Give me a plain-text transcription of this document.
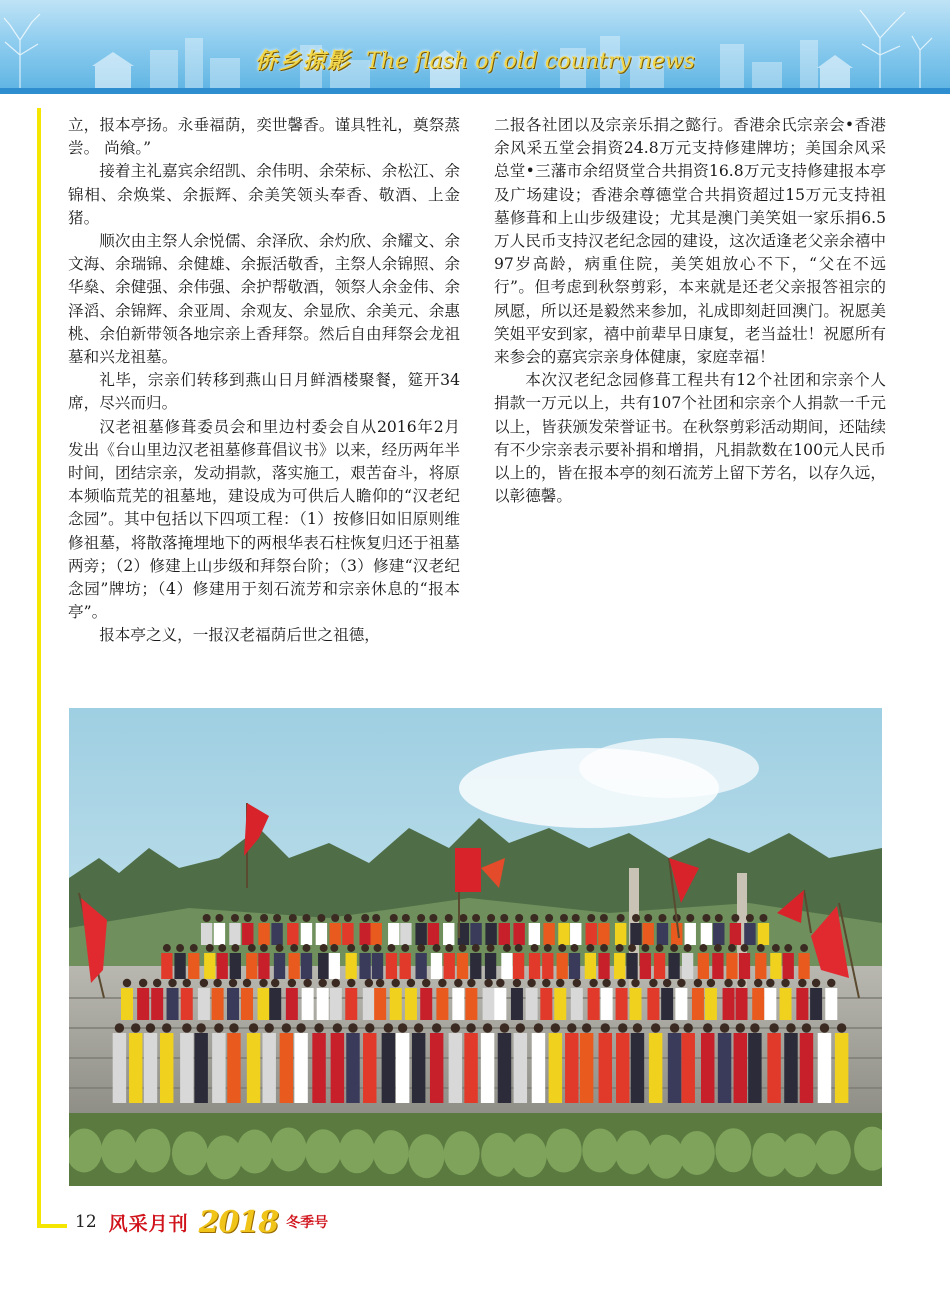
侨乡掠影 The flash of old country news

立，报本亭扬。永垂福荫，奕世馨香。谨具牲礼，奠祭蒸尝。 尚飨。”

接着主礼嘉宾余绍凯、余伟明、余荣标、余松江、余锦相、余焕棠、余振辉、余美笑领头奉香、敬酒、上金猪。

顺次由主祭人余悦儒、余泽欣、余灼欣、余耀文、余文海、余瑞锦、余健雄、余振活敬香，主祭人余锦照、余华燊、余健强、余伟强、余护帮敬酒，领祭人余金伟、余泽滔、余锦辉、余亚周、余观友、余显欣、余美元、余惠桃、余伯新带领各地宗亲上香拜祭。然后自由拜祭会龙祖墓和兴龙祖墓。

礼毕，宗亲们转移到燕山日月鲜酒楼聚餐，筵开34席，尽兴而归。

汉老祖墓修葺委员会和里边村委会自从2016年2月发出《台山里边汉老祖墓修葺倡议书》以来，经历两年半时间，团结宗亲，发动捐款，落实施工，艰苦奋斗，将原本频临荒芜的祖墓地，建设成为可供后人瞻仰的“汉老纪念园”。其中包括以下四项工程：（1）按修旧如旧原则维修祖墓，将散落掩埋地下的两根华表石柱恢复归还于祖墓两旁；（2）修建上山步级和拜祭台阶；（3）修建“汉老纪念园”牌坊；（4）修建用于刻石流芳和宗亲休息的“报本亭”。

报本亭之义，一报汉老福荫后世之祖德，

二报各社团以及宗亲乐捐之懿行。香港余氏宗亲会•香港余风采五堂会捐资24.8万元支持修建牌坊；美国余风采总堂•三藩市余绍贤堂合共捐资16.8万元支持修建报本亭及广场建设；香港余尊德堂合共捐资超过15万元支持祖墓修葺和上山步级建设；尤其是澳门美笑姐一家乐捐6.5万人民币支持汉老纪念园的建设，这次适逢老父亲余禧中97岁高龄，病重住院，美笑姐放心不下，“父在不远行”。但考虑到秋祭剪彩，本来就是还老父亲报答祖宗的夙愿，所以还是毅然来参加，礼成即刻赶回澳门。祝愿美笑姐平安到家，禧中前辈早日康复，老当益壮！祝愿所有来参会的嘉宾宗亲身体健康，家庭幸福！

本次汉老纪念园修葺工程共有12个社团和宗亲个人捐款一万元以上，共有107个社团和宗亲个人捐款一千元以上，皆获颁发荣誉证书。在秋祭剪彩活动期间，还陆续有不少宗亲表示要补捐和增捐，凡捐款数在100元人民币以上的，皆在报本亭的刻石流芳上留下芳名，以存久远，以彰德馨。

12 风采月刊 2018 冬季号
